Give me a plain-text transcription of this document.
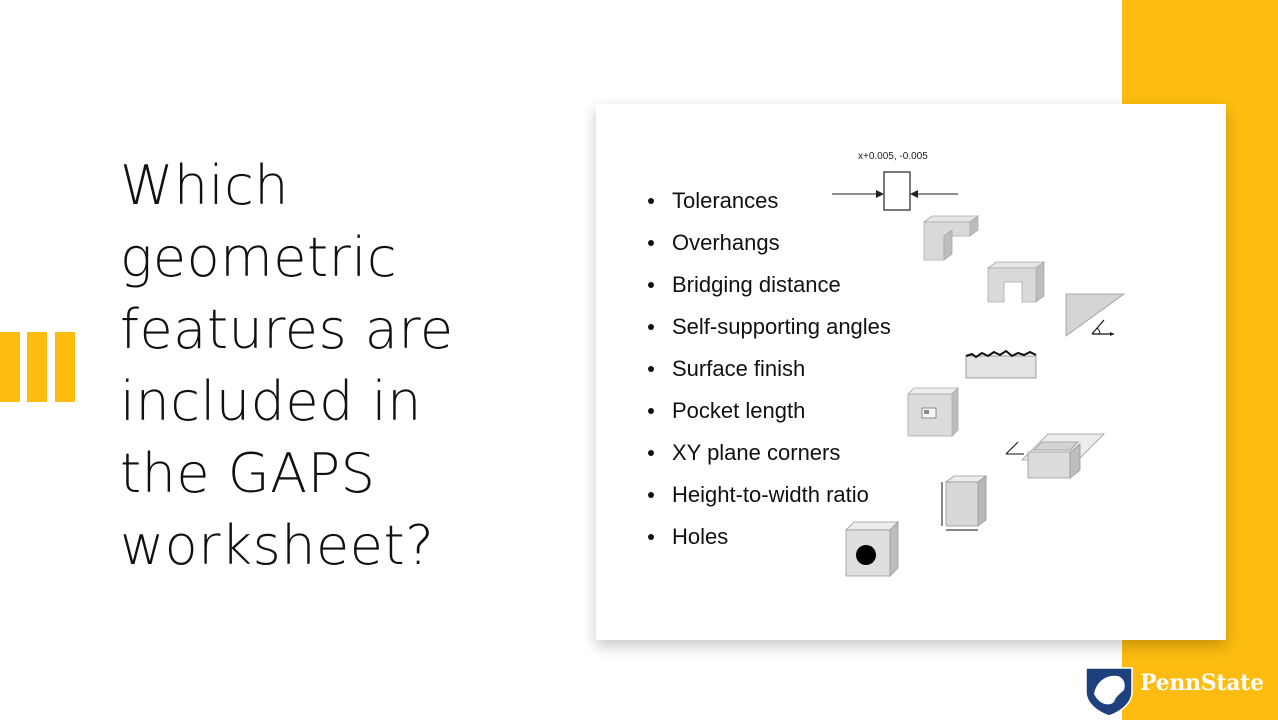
Which
geometric
features are
included in
the GAPS
worksheet?
Tolerances
Overhangs
Bridging distance
Self-supporting angles
Surface finish
Pocket length
XY plane corners
Height-to-width ratio
Holes
x+0.005, -0.005
PennState
